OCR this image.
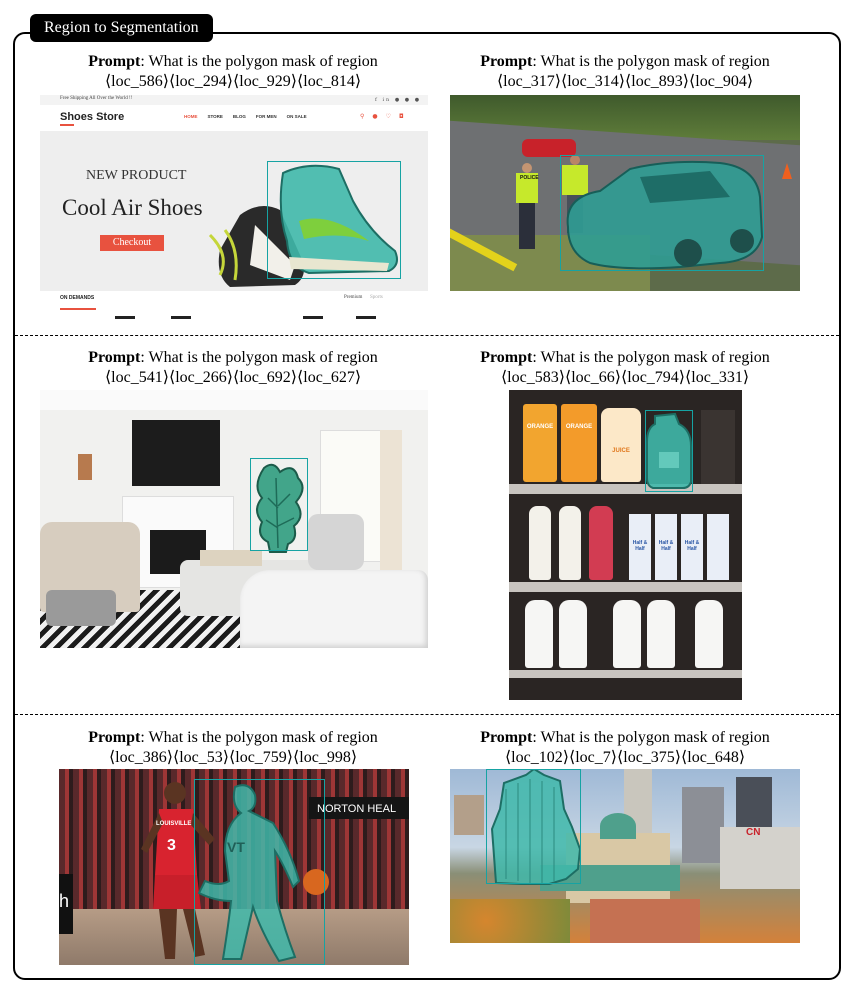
Region to Segmentation
Prompt: What is the polygon mask of region
⟨loc_586⟩⟨loc_294⟩⟨loc_929⟩⟨loc_814⟩
Free Shipping All Over the World !!	f in ● ● ●
Shoes Store	HOME STORE BLOG FOR MEN ON SALE	⚲●♡◘
NEW PRODUCT
Cool Air Shoes
Checkout
ON DEMANDS	Premium Sports
Prompt: What is the polygon mask of region
⟨loc_317⟩⟨loc_314⟩⟨loc_893⟩⟨loc_904⟩
POLICE
Prompt: What is the polygon mask of region
⟨loc_541⟩⟨loc_266⟩⟨loc_692⟩⟨loc_627⟩
Prompt: What is the polygon mask of region
⟨loc_583⟩⟨loc_66⟩⟨loc_794⟩⟨loc_331⟩
ORANGE	ORANGE
JUICE
Half & Half
Half & Half
Half & Half
Prompt: What is the polygon mask of region
⟨loc_386⟩⟨loc_53⟩⟨loc_759⟩⟨loc_998⟩
NORTON HEAL
h
LOUISVILLE
3	VT
Prompt: What is the polygon mask of region
⟨loc_102⟩⟨loc_7⟩⟨loc_375⟩⟨loc_648⟩
CN
